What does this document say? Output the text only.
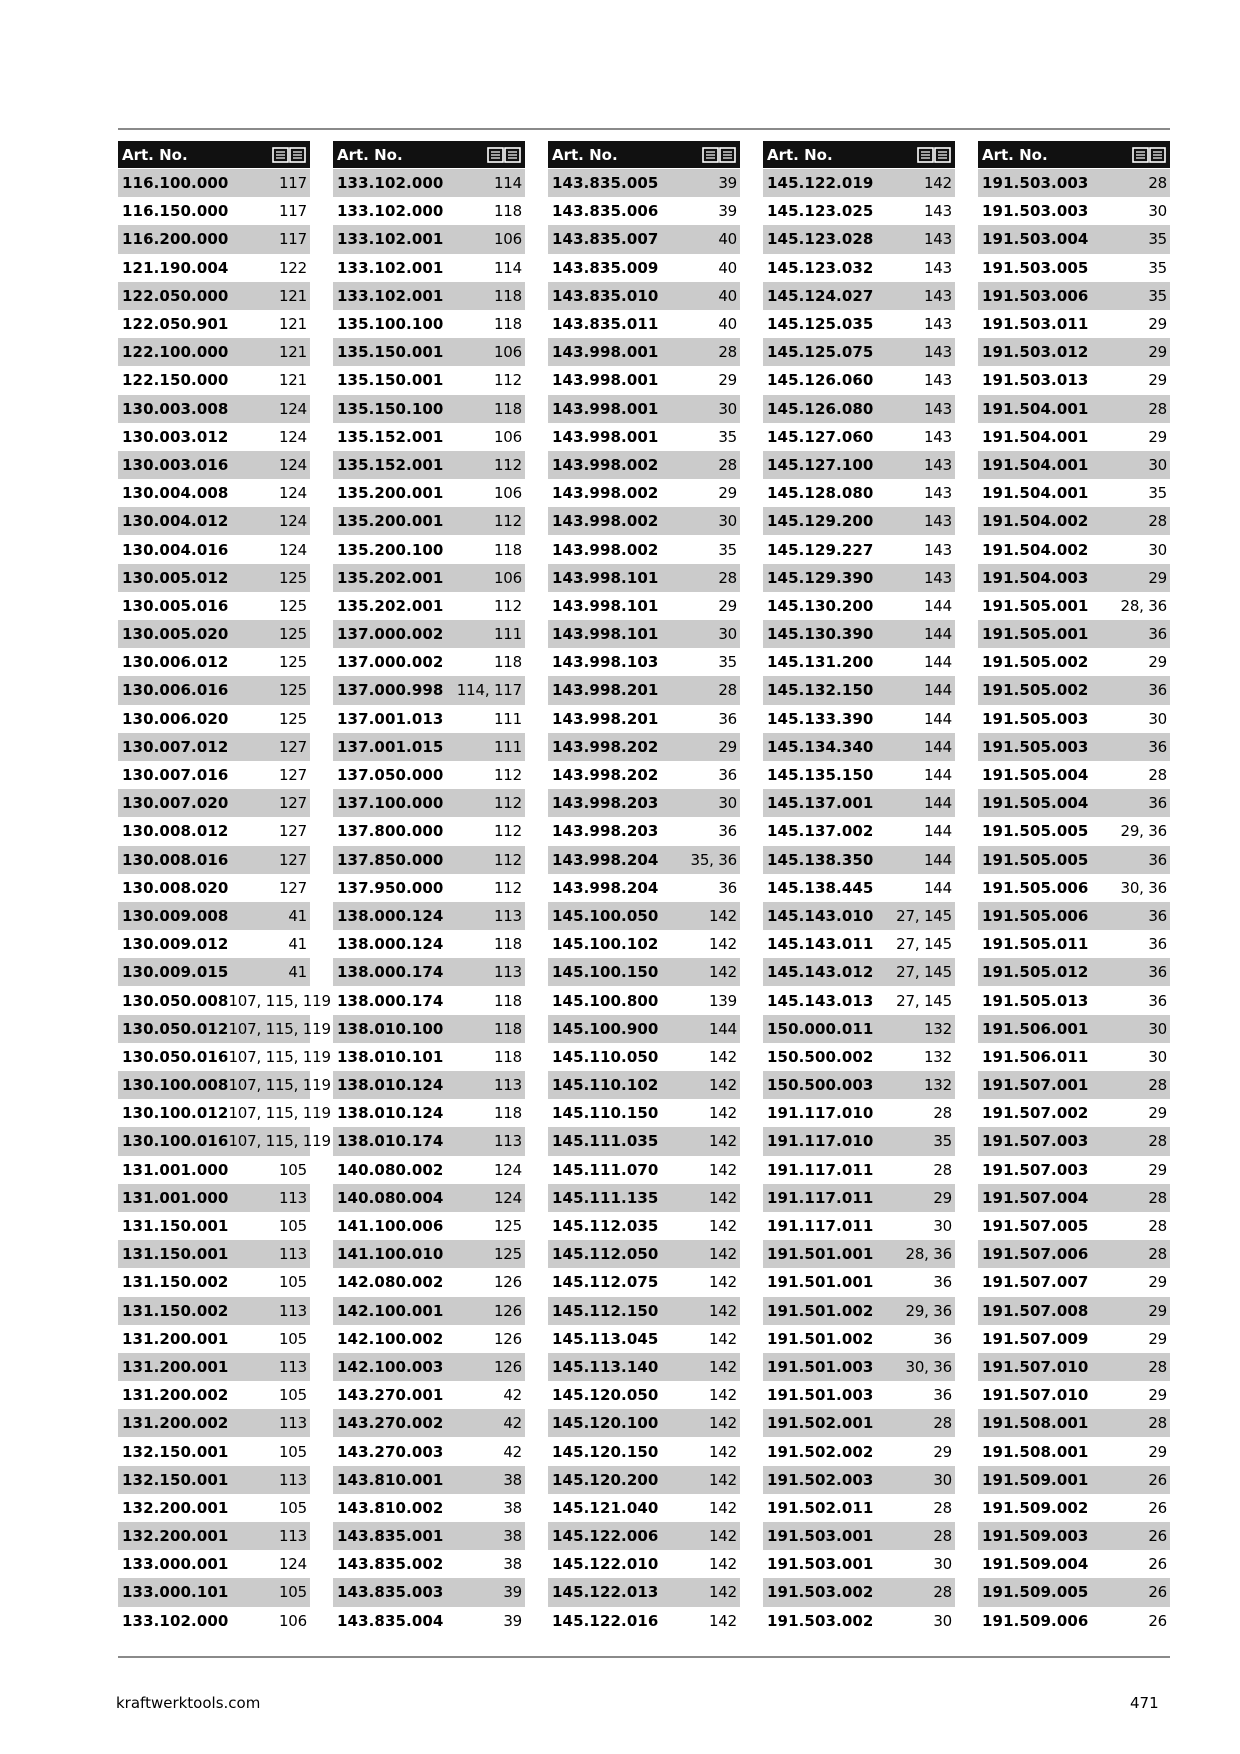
Art. No.
116.100.000	117
116.150.000	117
116.200.000	117
121.190.004	122
122.050.000	121
122.050.901	121
122.100.000	121
122.150.000	121
130.003.008	124
130.003.012	124
130.003.016	124
130.004.008	124
130.004.012	124
130.004.016	124
130.005.012	125
130.005.016	125
130.005.020	125
130.006.012	125
130.006.016	125
130.006.020	125
130.007.012	127
130.007.016	127
130.007.020	127
130.008.012	127
130.008.016	127
130.008.020	127
130.009.008	41
130.009.012	41
130.009.015	41
130.050.008 107, 115, 119
130.050.012 107, 115, 119
130.050.016 107, 115, 119
130.100.008 107, 115, 119
130.100.012 107, 115, 119
130.100.016 107, 115, 119
131.001.000	105
131.001.000	113
131.150.001	105
131.150.001	113
131.150.002	105
131.150.002	113
131.200.001	105
131.200.001	113
131.200.002	105
131.200.002	113
132.150.001	105
132.150.001	113
132.200.001	105
132.200.001	113
133.000.001	124
133.000.101	105
133.102.000	106
Art. No.
133.102.000	114
133.102.000	118
133.102.001	106
133.102.001	114
133.102.001	118
135.100.100	118
135.150.001	106
135.150.001	112
135.150.100	118
135.152.001	106
135.152.001	112
135.200.001	106
135.200.001	112
135.200.100	118
135.202.001	106
135.202.001	112
137.000.002	111
137.000.002	118
137.000.998 114, 117
137.001.013	111
137.001.015	111
137.050.000	112
137.100.000	112
137.800.000	112
137.850.000	112
137.950.000	112
138.000.124	113
138.000.124	118
138.000.174	113
138.000.174	118
138.010.100	118
138.010.101	118
138.010.124	113
138.010.124	118
138.010.174	113
140.080.002	124
140.080.004	124
141.100.006	125
141.100.010	125
142.080.002	126
142.100.001	126
142.100.002	126
142.100.003	126
143.270.001	42
143.270.002	42
143.270.003	42
143.810.001	38
143.810.002	38
143.835.001	38
143.835.002	38
143.835.003	39
143.835.004	39
Art. No.
143.835.005	39
143.835.006	39
143.835.007	40
143.835.009	40
143.835.010	40
143.835.011	40
143.998.001	28
143.998.001	29
143.998.001	30
143.998.001	35
143.998.002	28
143.998.002	29
143.998.002	30
143.998.002	35
143.998.101	28
143.998.101	29
143.998.101	30
143.998.103	35
143.998.201	28
143.998.201	36
143.998.202	29
143.998.202	36
143.998.203	30
143.998.203	36
143.998.204 35, 36
143.998.204	36
145.100.050	142
145.100.102	142
145.100.150	142
145.100.800	139
145.100.900	144
145.110.050	142
145.110.102	142
145.110.150	142
145.111.035	142
145.111.070	142
145.111.135	142
145.112.035	142
145.112.050	142
145.112.075	142
145.112.150	142
145.113.045	142
145.113.140	142
145.120.050	142
145.120.100	142
145.120.150	142
145.120.200	142
145.121.040	142
145.122.006	142
145.122.010	142
145.122.013	142
145.122.016	142
Art. No.
145.122.019	142
145.123.025	143
145.123.028	143
145.123.032	143
145.124.027	143
145.125.035	143
145.125.075	143
145.126.060	143
145.126.080	143
145.127.060	143
145.127.100	143
145.128.080	143
145.129.200	143
145.129.227	143
145.129.390	143
145.130.200	144
145.130.390	144
145.131.200	144
145.132.150	144
145.133.390	144
145.134.340	144
145.135.150	144
145.137.001	144
145.137.002	144
145.138.350	144
145.138.445	144
145.143.010 27, 145
145.143.011 27, 145
145.143.012 27, 145
145.143.013 27, 145
150.000.011	132
150.500.002	132
150.500.003	132
191.117.010	28
191.117.010	35
191.117.011	28
191.117.011	29
191.117.011	30
191.501.001 28, 36
191.501.001	36
191.501.002 29, 36
191.501.002	36
191.501.003 30, 36
191.501.003	36
191.502.001	28
191.502.002	29
191.502.003	30
191.502.011	28
191.503.001	28
191.503.001	30
191.503.002	28
191.503.002	30
Art. No.
191.503.003	28
191.503.003	30
191.503.004	35
191.503.005	35
191.503.006	35
191.503.011	29
191.503.012	29
191.503.013	29
191.504.001	28
191.504.001	29
191.504.001	30
191.504.001	35
191.504.002	28
191.504.002	30
191.504.003	29
191.505.001 28, 36
191.505.001	36
191.505.002	29
191.505.002	36
191.505.003	30
191.505.003	36
191.505.004	28
191.505.004	36
191.505.005 29, 36
191.505.005	36
191.505.006 30, 36
191.505.006	36
191.505.011	36
191.505.012	36
191.505.013	36
191.506.001	30
191.506.011	30
191.507.001	28
191.507.002	29
191.507.003	28
191.507.003	29
191.507.004	28
191.507.005	28
191.507.006	28
191.507.007	29
191.507.008	29
191.507.009	29
191.507.010	28
191.507.010	29
191.508.001	28
191.508.001	29
191.509.001	26
191.509.002	26
191.509.003	26
191.509.004	26
191.509.005	26
191.509.006	26
kraftwerktools.com	471
